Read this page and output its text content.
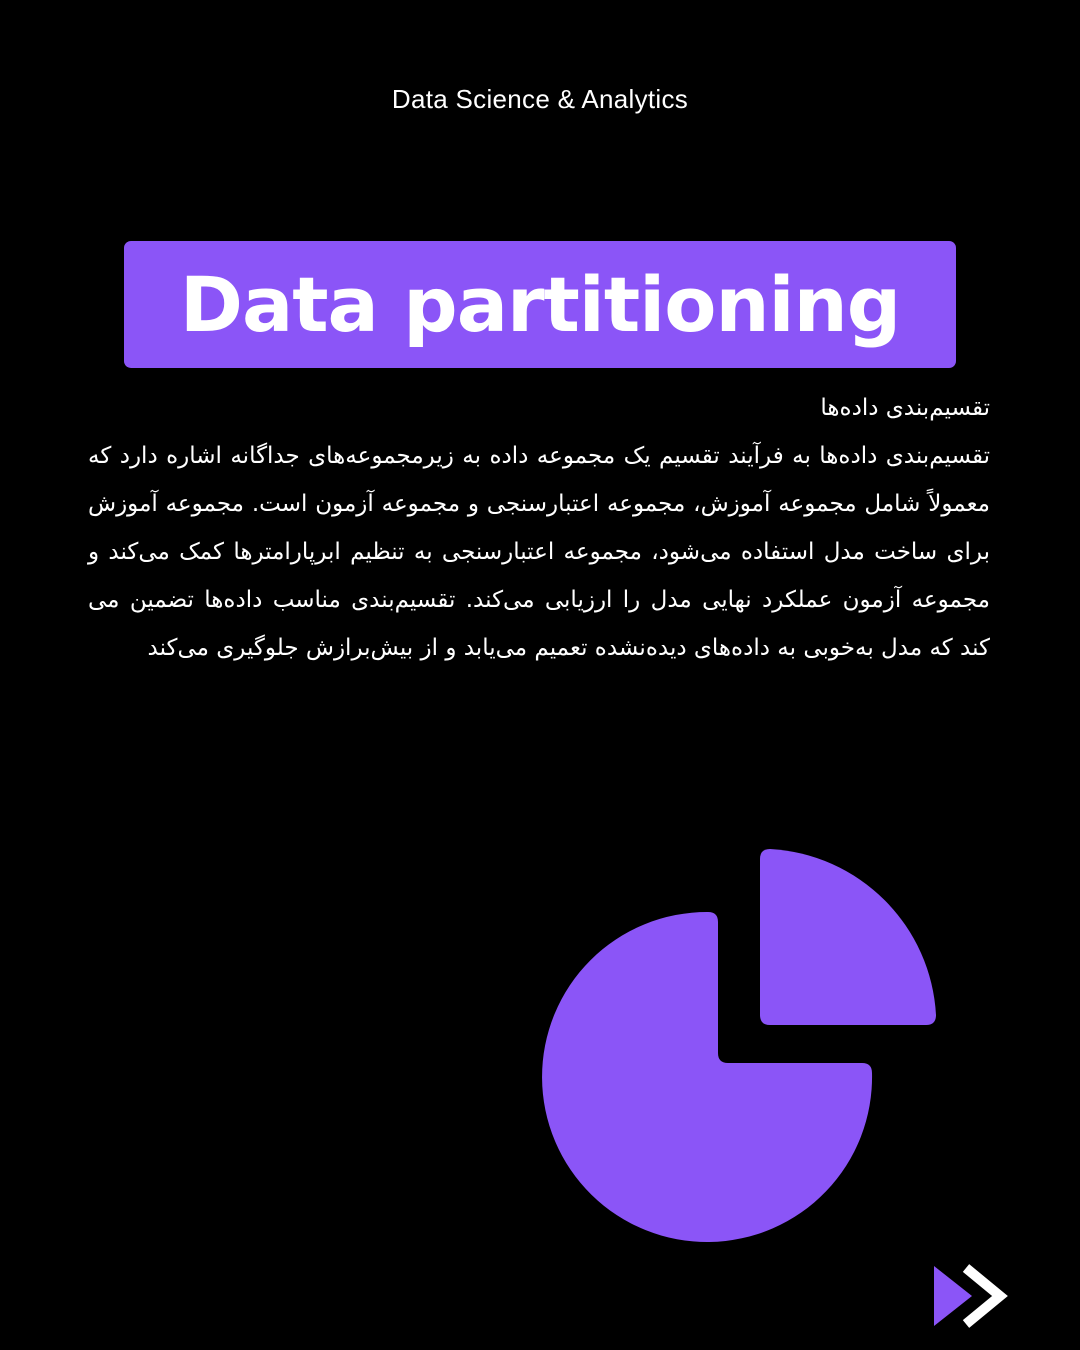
Data Science & Analytics
Data partitioning

تقسیم‌بندی داده‌ها

تقسیم‌بندی داده‌ها به فرآیند تقسیم یک مجموعه داده به زیرمجموعه‌های جداگانه اشاره دارد که معمولاً شامل مجموعه آموزش، مجموعه اعتبارسنجی و مجموعه آزمون است. مجموعه آموزش برای ساخت مدل استفاده می‌شود، مجموعه اعتبارسنجی به تنظیم ابرپارامترها کمک می‌کند و مجموعه آزمون عملکرد نهایی مدل را ارزیابی می‌کند. تقسیم‌بندی مناسب داده‌ها تضمین می کند که مدل به‌خوبی به داده‌های دیده‌نشده تعمیم می‌یابد و از بیش‌برازش جلوگیری می‌کند
